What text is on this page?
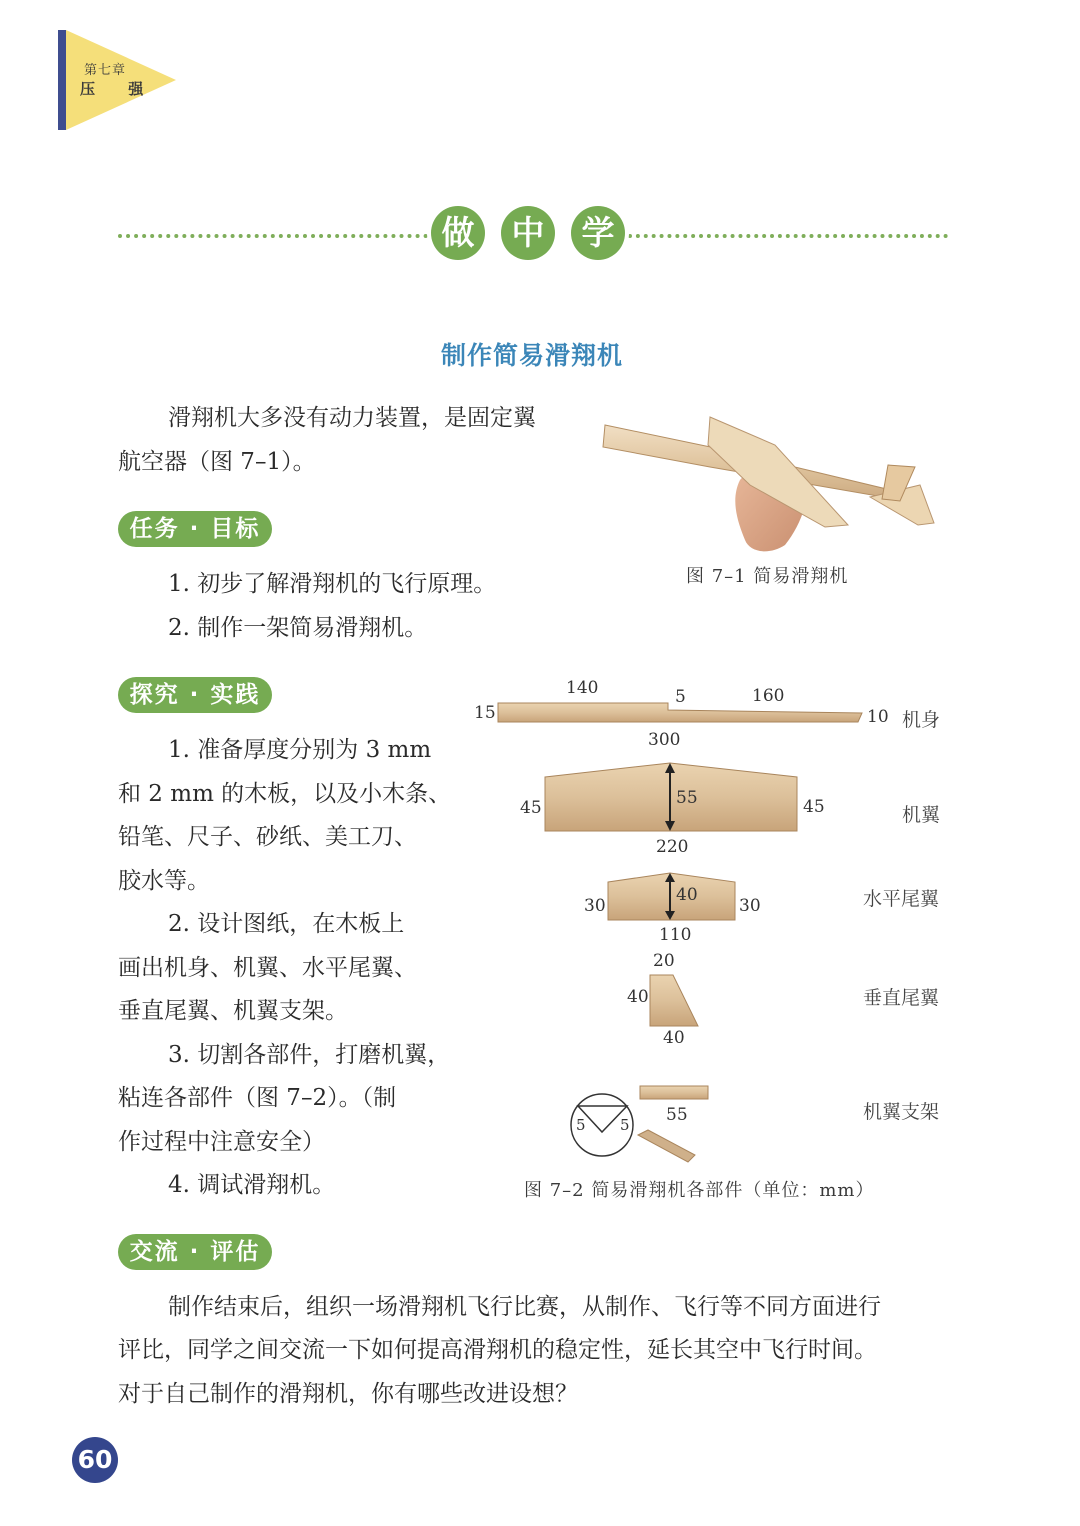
第七章
压 强
做	中	学
制作简易滑翔机
滑翔机大多没有动力装置，是固定翼
航空器（图 7–1）。
图 7–1 简易滑翔机
任务 · 目标
1. 初步了解滑翔机的飞行原理。
2. 制作一架简易滑翔机。
探究 · 实践
1. 准备厚度分别为 3 mm
和 2 mm 的木板，以及小木条、
铅笔、尺子、砂纸、美工刀、
胶水等。
2. 设计图纸，在木板上
画出机身、机翼、水平尾翼、
垂直尾翼、机翼支架。
3. 切割各部件，打磨机翼，
粘连各部件（图 7–2）。（制
作过程中注意安全）
4. 调试滑翔机。
140	5	160
15	10
300
机身
45	55	45
220
机翼
30
40
30
110
水平尾翼
20
40
40
垂直尾翼
55
5 5
机翼支架
图 7–2 简易滑翔机各部件（单位：mm）
交流 · 评估
制作结束后，组织一场滑翔机飞行比赛，从制作、飞行等不同方面进行
评比，同学之间交流一下如何提高滑翔机的稳定性，延长其空中飞行时间。
对于自己制作的滑翔机，你有哪些改进设想？
60
